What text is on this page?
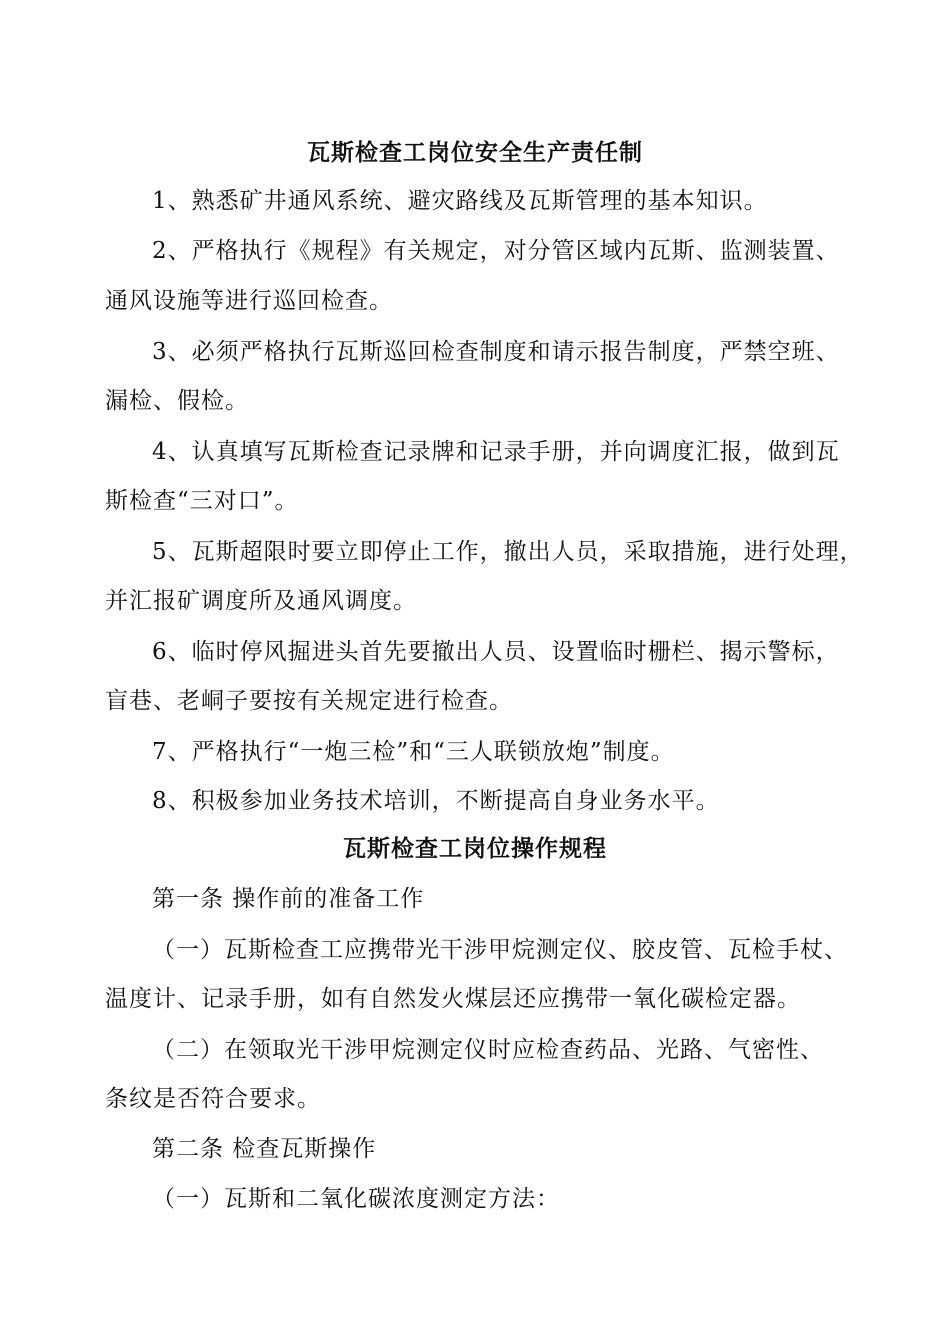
瓦斯检查工岗位安全生产责任制
1、熟悉矿井通风系统、避灾路线及瓦斯管理的基本知识。
2、严格执行《规程》有关规定，对分管区域内瓦斯、监测装置、
通风设施等进行巡回检查。
3、必须严格执行瓦斯巡回检查制度和请示报告制度，严禁空班、
漏检、假检。
4、认真填写瓦斯检查记录牌和记录手册，并向调度汇报，做到瓦
斯检查“三对口”。
5、瓦斯超限时要立即停止工作，撤出人员，采取措施，进行处理，
并汇报矿调度所及通风调度。
6、临时停风掘进头首先要撤出人员、设置临时栅栏、揭示警标，
盲巷、老峒子要按有关规定进行检查。
7、严格执行“一炮三检”和“三人联锁放炮”制度。
8、积极参加业务技术培训，不断提高自身业务水平。
瓦斯检查工岗位操作规程
第一条 操作前的准备工作
（一）瓦斯检查工应携带光干涉甲烷测定仪、胶皮管、瓦检手杖、
温度计、记录手册，如有自然发火煤层还应携带一氧化碳检定器。
（二）在领取光干涉甲烷测定仪时应检查药品、光路、气密性、
条纹是否符合要求。
第二条 检查瓦斯操作
（一）瓦斯和二氧化碳浓度测定方法：
